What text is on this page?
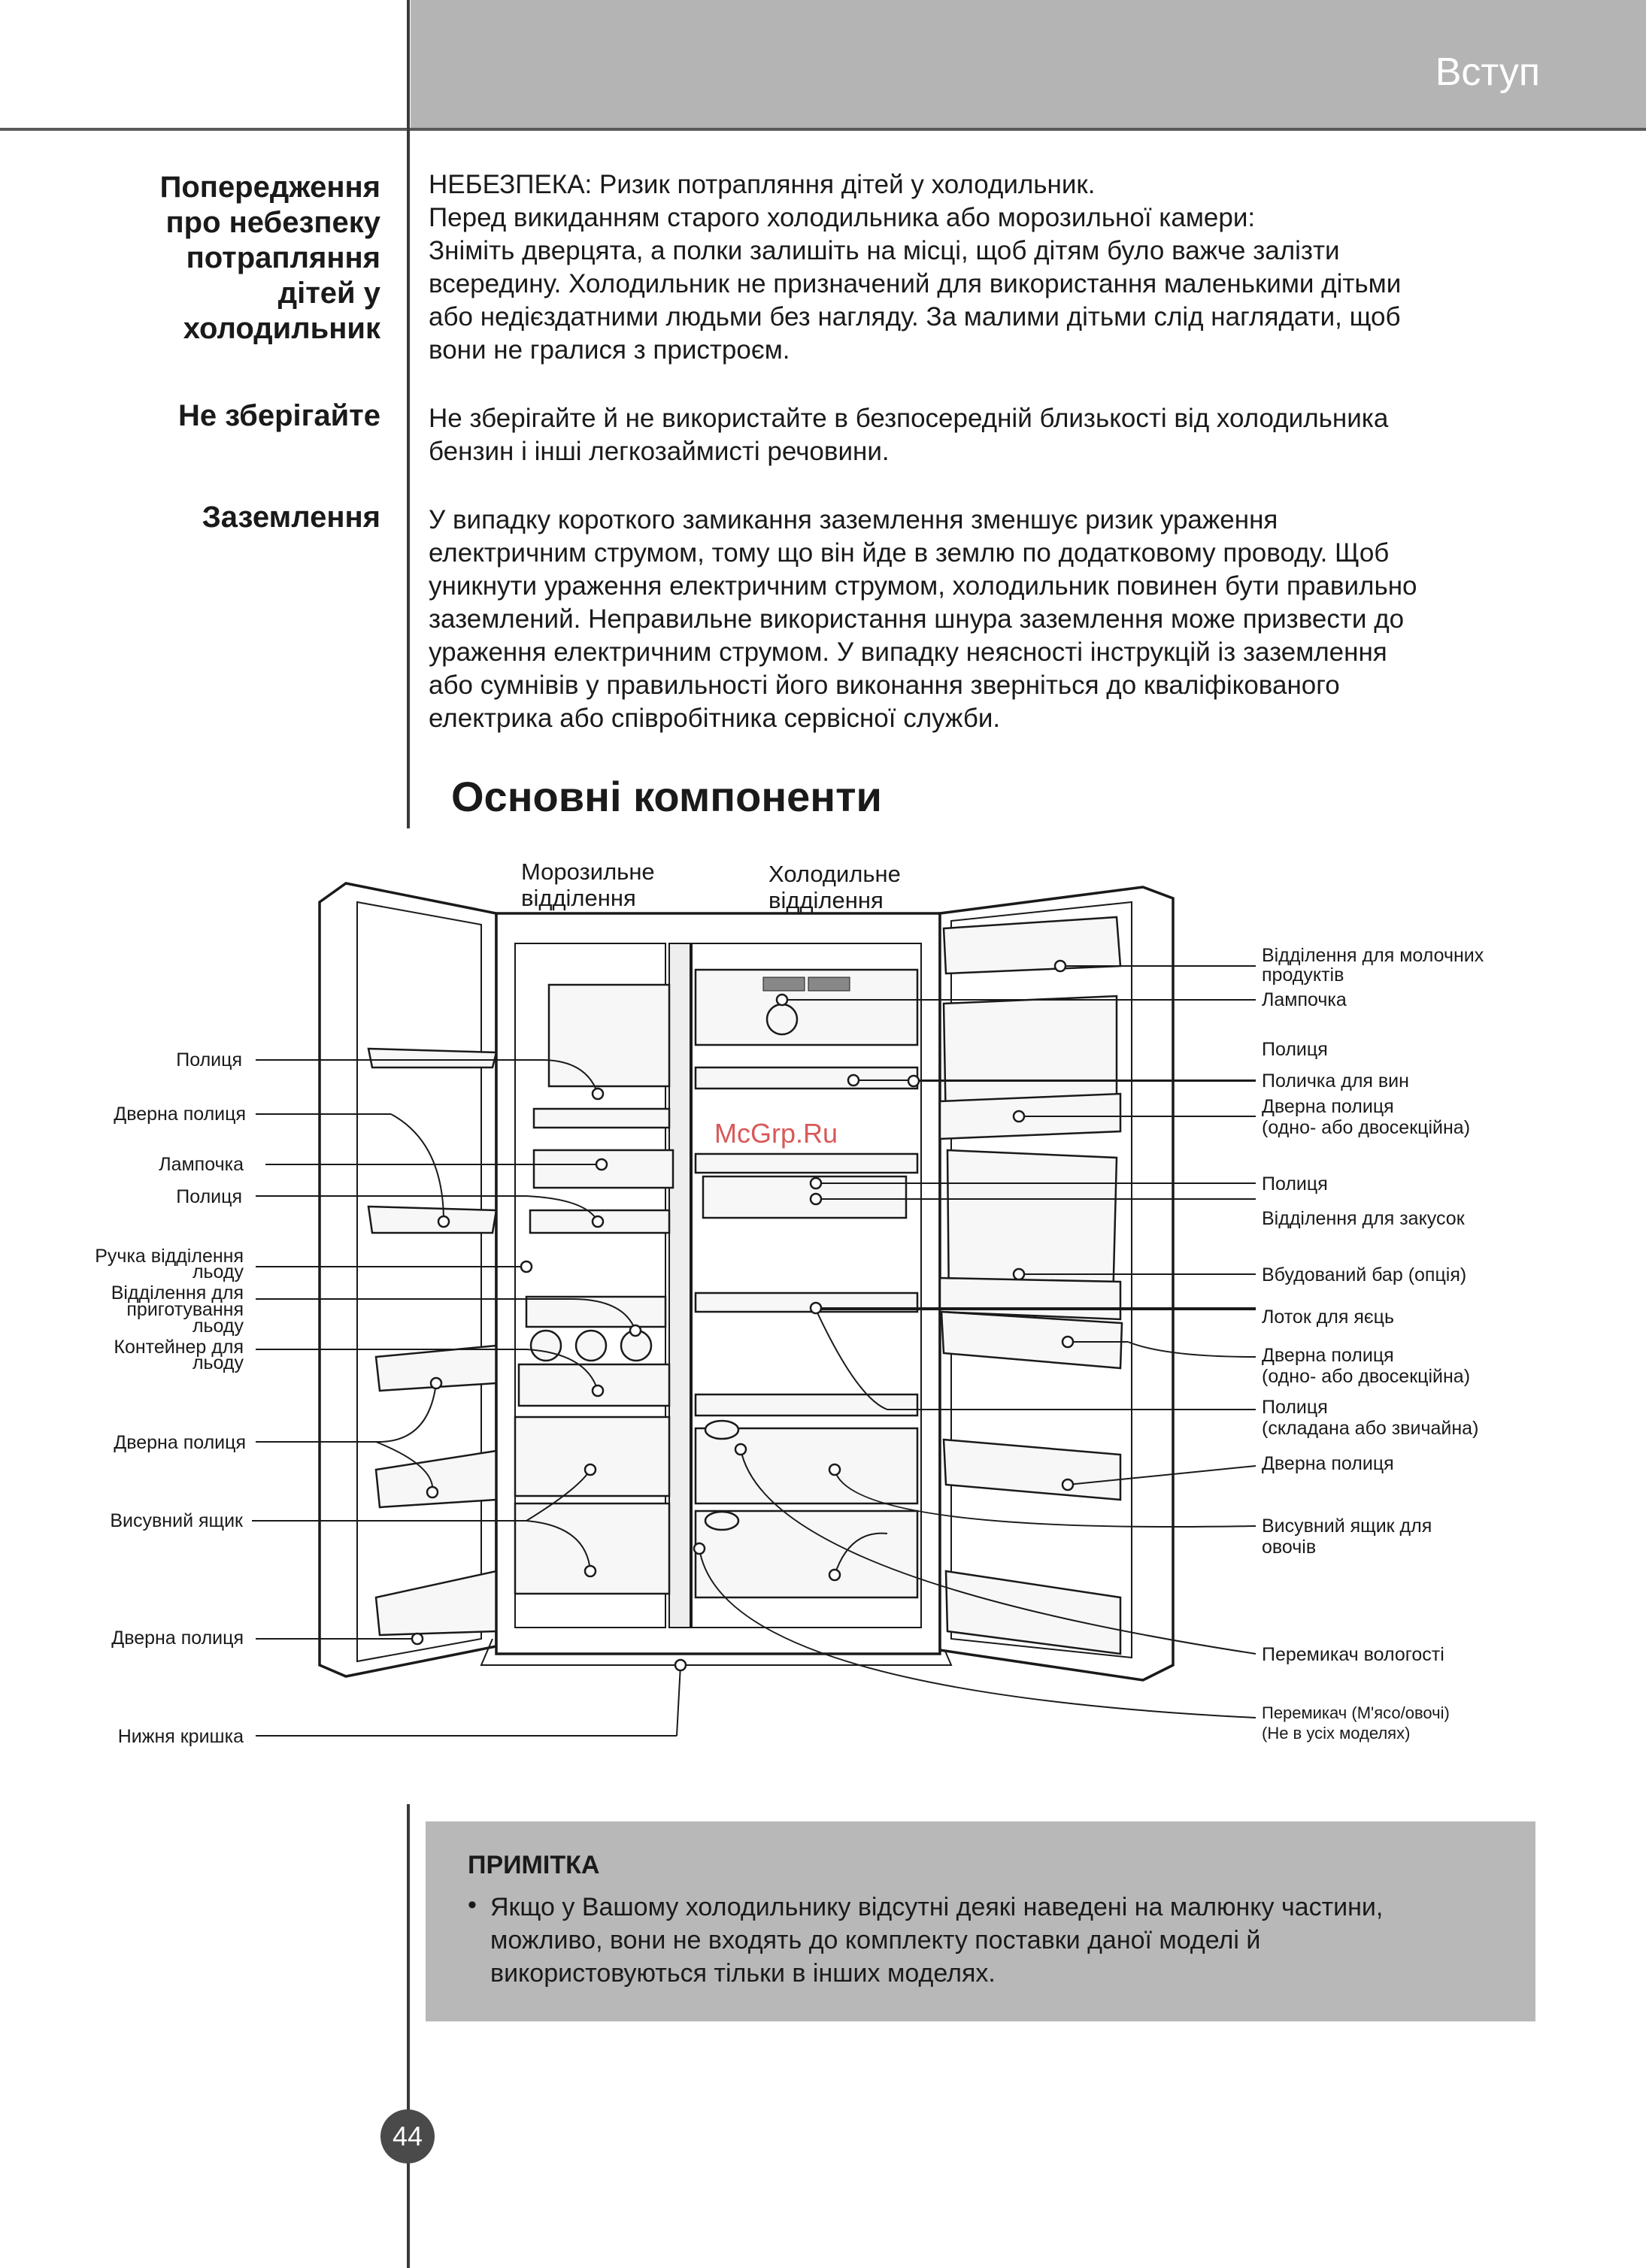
Вступ
Попередження
про небезпеку
потрапляння
дітей у
холодильник
НЕБЕЗПЕКА: Ризик потрапляння дітей у холодильник.
Перед викиданням старого холодильника або морозильної камери:
Зніміть дверцята, а полки залишіть на місці, щоб дітям було важче залізти
всередину. Холодильник не призначений для використання маленькими дітьми
або недієздатними людьми без нагляду. За малими дітьми слід наглядати, щоб
вони не гралися з пристроєм.
Не зберігайте Не зберігайте й не використайте в безпосередній близькості від холодильника
бензин і інші легкозаймисті речовини.
Заземлення У випадку короткого замикання заземлення зменшує ризик ураження
електричним струмом, тому що він йде в землю по додатковому проводу. Щоб
уникнути ураження електричним струмом, холодильник повинен бути правильно
заземлений. Неправильне використання шнура заземлення може призвести до
ураження електричним струмом. У випадку неясності інструкцій із заземлення
або сумнівів у правильності його виконання зверніться до кваліфікованого
електрика або співробітника сервісної служби.
Основні компоненти
Морозильне
відділення
Холодильне
відділення
Полиця
Дверна полиця
Лампочка
Полиця
Ручка відділення
льоду
Відділення для
приготування
льоду
Контейнер для
льоду
Дверна полиця
Висувний ящик
Дверна полиця
Нижня кришка
Відділення для молочних
продуктів
Лампочка
Полиця
Поличка для вин
Дверна полиця
(одно- або двосекційна)
Полиця
Відділення для закусок
Вбудований бар (опція)
Лоток для яєць
Дверна полиця
(одно- або двосекційна)
Полиця
(складана або звичайна)
Дверна полиця
Висувний ящик для
овочів
Перемикач вологості
Перемикач (М'ясо/овочі)
(Не в усіх моделях)
McGrp.Ru
ПРИМІТКА
• Якщо у Вашому холодильнику відсутні деякі наведені на малюнку частини,
можливо, вони не входять до комплекту поставки даної моделі й
використовуються тільки в інших моделях.
44
